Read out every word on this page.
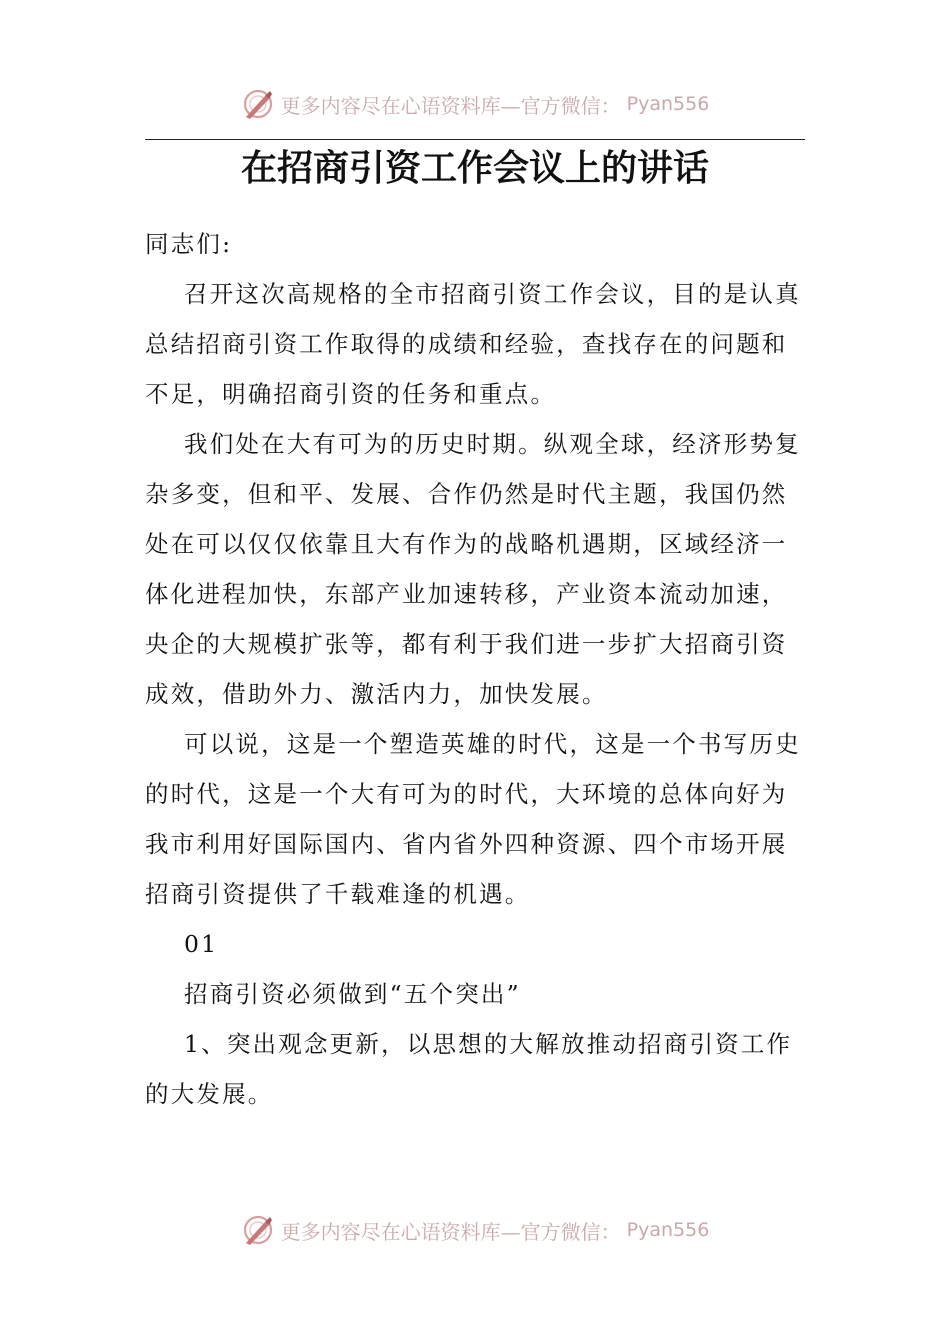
更多内容尽在心语资料库—官方微信： Pyan556
在招商引资工作会议上的讲话

同志们:

召开这次高规格的全市招商引资工作会议，目的是认真总结招商引资工作取得的成绩和经验，查找存在的问题和不足，明确招商引资的任务和重点。

我们处在大有可为的历史时期。纵观全球，经济形势复杂多变，但和平、发展、合作仍然是时代主题，我国仍然处在可以仅仅依靠且大有作为的战略机遇期，区域经济一体化进程加快，东部产业加速转移，产业资本流动加速，央企的大规模扩张等，都有利于我们进一步扩大招商引资成效，借助外力、激活内力，加快发展。

可以说，这是一个塑造英雄的时代，这是一个书写历史的时代，这是一个大有可为的时代，大环境的总体向好为我市利用好国际国内、省内省外四种资源、四个市场开展招商引资提供了千载难逢的机遇。

01

招商引资必须做到“五个突出”

1、突出观念更新，以思想的大解放推动招商引资工作的大发展。

更多内容尽在心语资料库—官方微信： Pyan556
